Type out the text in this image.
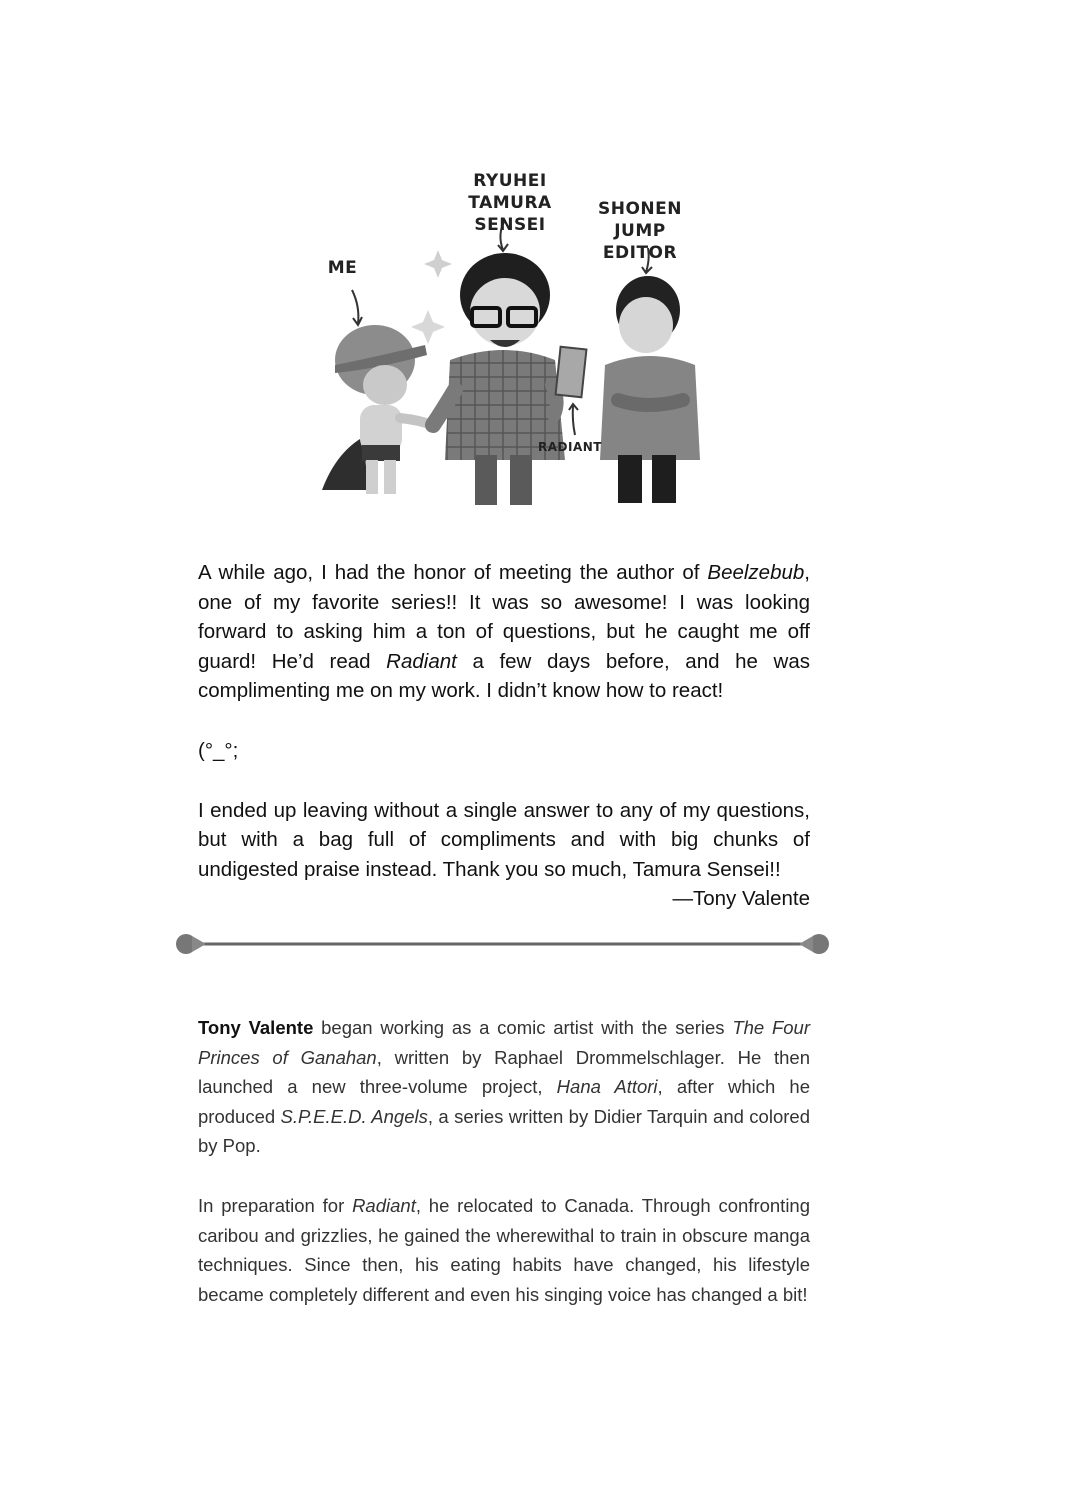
RYUHEI TAMURA SENSEI
SHONEN JUMP EDITOR
ME
RADIANT

A while ago, I had the honor of meeting the author of Beelzebub, one of my favorite series!! It was so awesome! I was looking forward to asking him a ton of questions, but he caught me off guard! He’d read Radiant a few days before, and he was complimenting me on my work. I didn’t know how to react!

(°_°;

I ended up leaving without a single answer to any of my questions, but with a bag full of compliments and with big chunks of undigested praise instead. Thank you so much, Tamura Sensei!!

—Tony Valente

Tony Valente began working as a comic artist with the series The Four Princes of Ganahan, written by Raphael Drommelschlager. He then launched a new three-volume project, Hana Attori, after which he produced S.P.E.E.D. Angels, a series written by Didier Tarquin and colored by Pop.

In preparation for Radiant, he relocated to Canada. Through confronting caribou and grizzlies, he gained the wherewithal to train in obscure manga techniques. Since then, his eating habits have changed, his lifestyle became completely different and even his singing voice has changed a bit!
